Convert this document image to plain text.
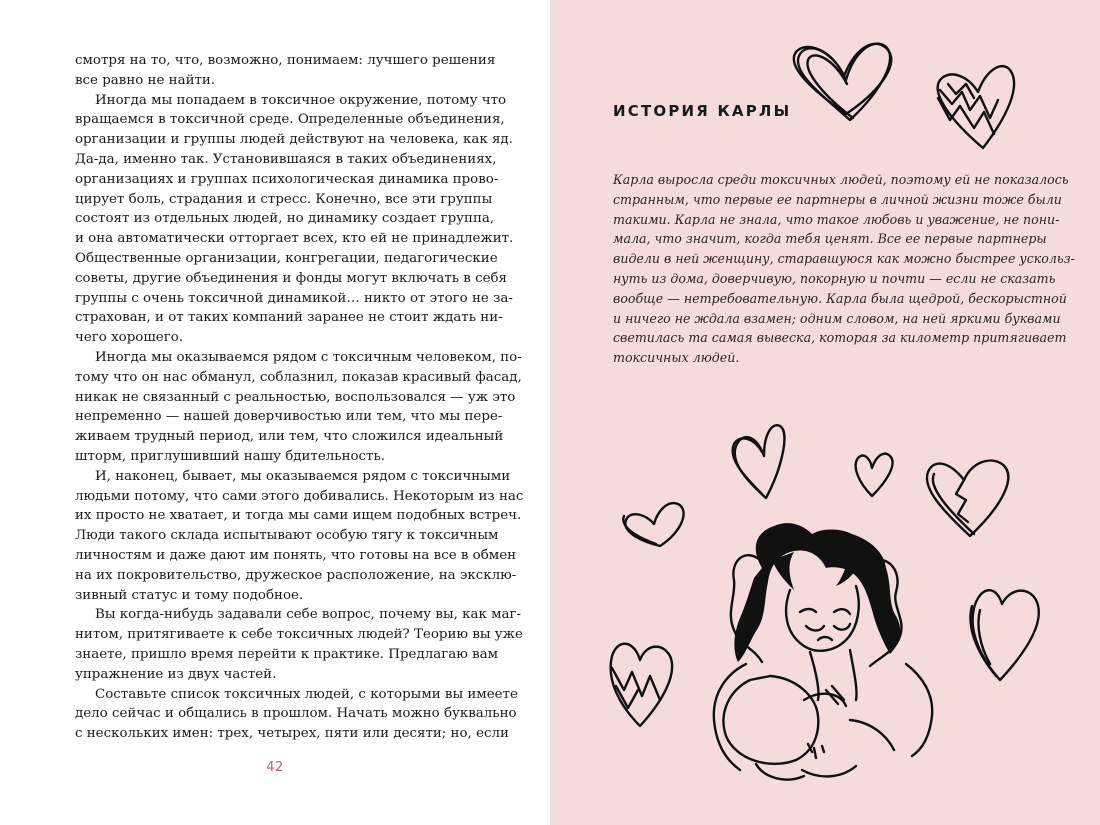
смотря на то, что, возможно, понимаем: лучшего решения
все равно не найти.
Иногда мы попадаем в токсичное окружение, потому что
вращаемся в токсичной среде. Определенные объединения,
организации и группы людей действуют на человека, как яд.
Да-да, именно так. Установившаяся в таких объединениях,
организациях и группах психологическая динамика прово-
цирует боль, страдания и стресс. Конечно, все эти группы
состоят из отдельных людей, но динамику создает группа,
и она автоматически отторгает всех, кто ей не принадлежит.
Общественные организации, конгрегации, педагогические
советы, другие объединения и фонды могут включать в себя
группы с очень токсичной динамикой… никто от этого не за-
страхован, и от таких компаний заранее не стоит ждать ни-
чего хорошего.
Иногда мы оказываемся рядом с токсичным человеком, по-
тому что он нас обманул, соблазнил, показав красивый фасад,
никак не связанный с реальностью, воспользовался — уж это
непременно — нашей доверчивостью или тем, что мы пере-
живаем трудный период, или тем, что сложился идеальный
шторм, приглушивший нашу бдительность.
И, наконец, бывает, мы оказываемся рядом с токсичными
людьми потому, что сами этого добивались. Некоторым из нас
их просто не хватает, и тогда мы сами ищем подобных встреч.
Люди такого склада испытывают особую тягу к токсичным
личностям и даже дают им понять, что готовы на все в обмен
на их покровительство, дружеское расположение, на эксклю-
зивный статус и тому подобное.
Вы когда-нибудь задавали себе вопрос, почему вы, как маг-
нитом, притягиваете к себе токсичных людей? Теорию вы уже
знаете, пришло время перейти к практике. Предлагаю вам
упражнение из двух частей.
Составьте список токсичных людей, с которыми вы имеете
дело сейчас и общались в прошлом. Начать можно буквально
с нескольких имен: трех, четырех, пяти или десяти; но, если
42
ИСТОРИЯ КАРЛЫ
Карла выросла среди токсичных людей, поэтому ей не показалось
странным, что первые ее партнеры в личной жизни тоже были
такими. Карла не знала, что такое любовь и уважение, не пони-
мала, что значит, когда тебя ценят. Все ее первые партнеры
видели в ней женщину, старавшуюся как можно быстрее ускольз-
нуть из дома, доверчивую, покорную и почти — если не сказать
вообще — нетребовательную. Карла была щедрой, бескорыстной
и ничего не ждала взамен; одним словом, на ней яркими буквами
светилась та самая вывеска, которая за километр притягивает
токсичных людей.
